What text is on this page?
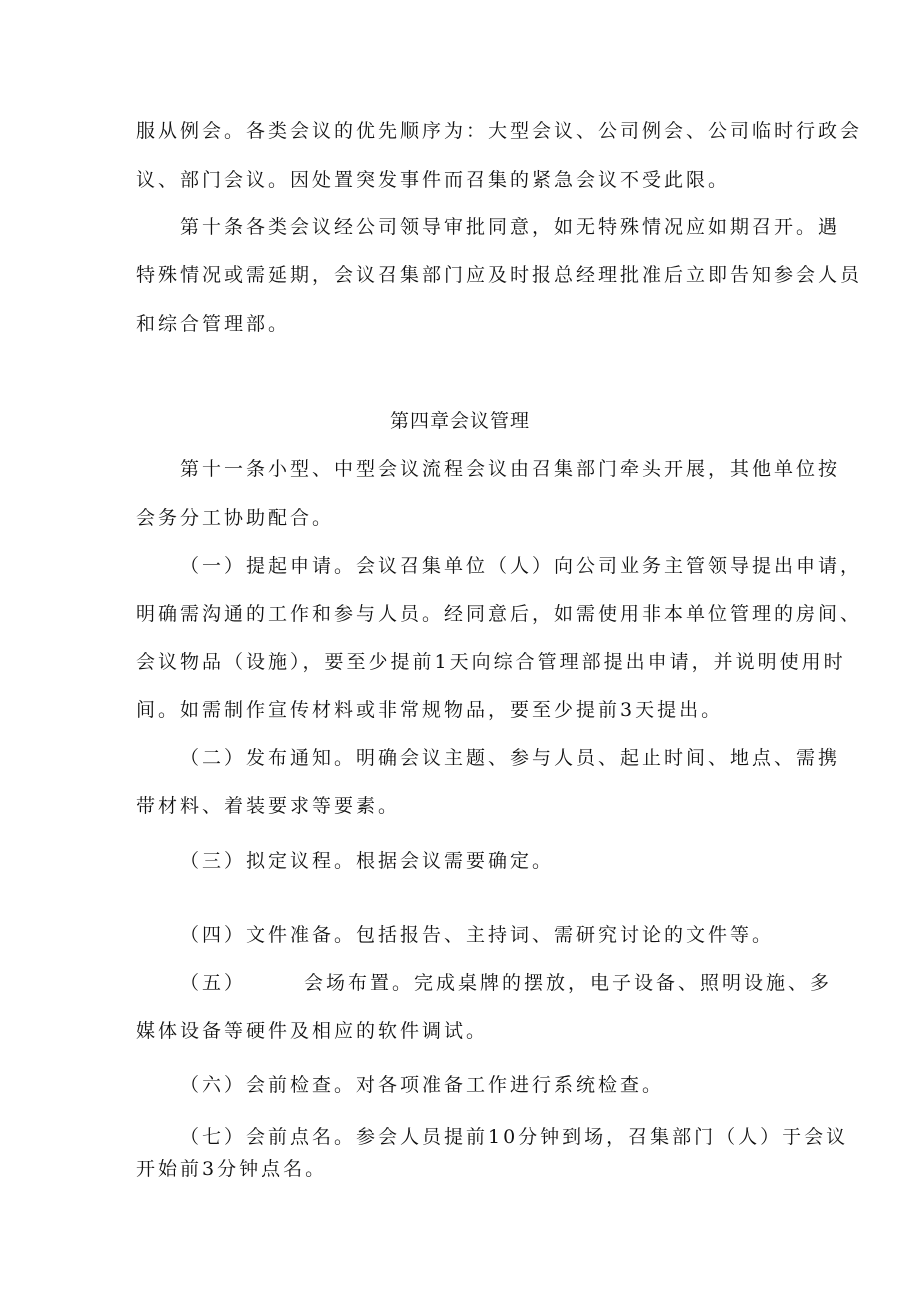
服从例会。各类会议的优先顺序为：大型会议、公司例会、公司临时行政会
议、部门会议。因处置突发事件而召集的紧急会议不受此限。
第十条各类会议经公司领导审批同意，如无特殊情况应如期召开。遇
特殊情况或需延期，会议召集部门应及时报总经理批准后立即告知参会人员
和综合管理部。
第四章会议管理
第十一条小型、中型会议流程会议由召集部门牵头开展，其他单位按
会务分工协助配合。
（一）提起申请。会议召集单位（人）向公司业务主管领导提出申请，
明确需沟通的工作和参与人员。经同意后，如需使用非本单位管理的房间、
会议物品（设施），要至少提前1天向综合管理部提出申请，并说明使用时
间。如需制作宣传材料或非常规物品，要至少提前3天提出。
（二）发布通知。明确会议主题、参与人员、起止时间、地点、需携
带材料、着装要求等要素。
（三）拟定议程。根据会议需要确定。
（四）文件准备。包括报告、主持词、需研究讨论的文件等。
（五）	会场布置。完成桌牌的摆放，电子设备、照明设施、多
媒体设备等硬件及相应的软件调试。
（六）会前检查。对各项准备工作进行系统检查。
（七）会前点名。参会人员提前10分钟到场，召集部门（人）于会议
开始前3分钟点名。
